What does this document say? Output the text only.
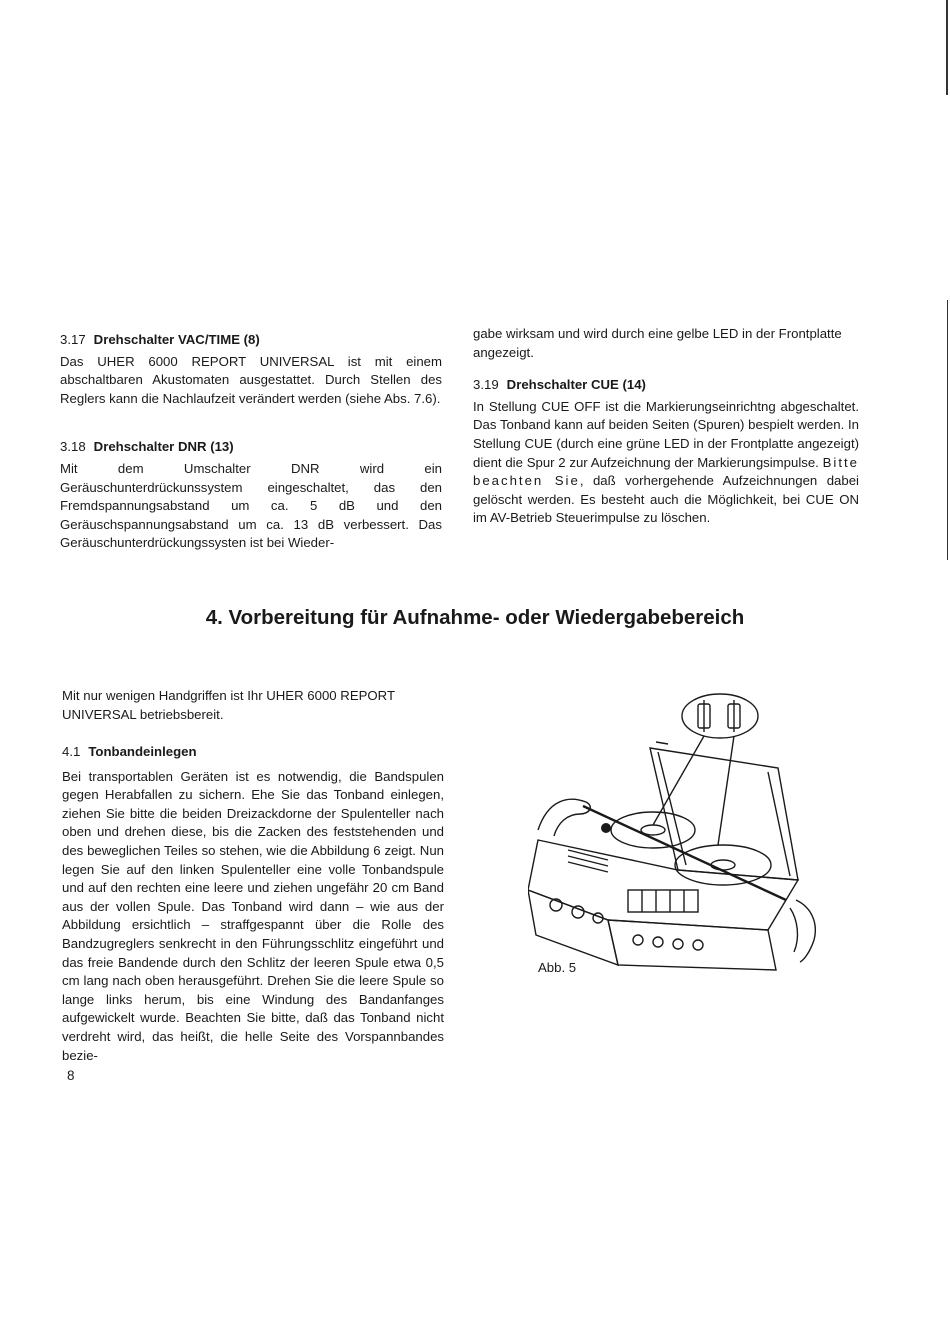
3.17 Drehschalter VAC/TIME (8)

Das UHER 6000 REPORT UNIVERSAL ist mit einem abschaltbaren Akustomaten ausgestattet. Durch Stellen des Reglers kann die Nachlaufzeit verändert werden (siehe Abs. 7.6).

3.18 Drehschalter DNR (13)

Mit dem Umschalter DNR wird ein Geräuschunterdrückunssystem eingeschaltet, das den Fremdspannungsabstand um ca. 5 dB und den Geräuschspannungsabstand um ca. 13 dB verbessert. Das Geräuschunterdrückungssysten ist bei Wieder-

gabe wirksam und wird durch eine gelbe LED in der Frontplatte angezeigt.

3.19 Drehschalter CUE (14)

In Stellung CUE OFF ist die Markierungseinrichtng abgeschaltet. Das Tonband kann auf beiden Seiten (Spuren) bespielt werden. In Stellung CUE (durch eine grüne LED in der Frontplatte angezeigt) dient die Spur 2 zur Aufzeichnung der Markierungsimpulse. Bitte beachten Sie, daß vorhergehende Aufzeichnungen dabei gelöscht werden. Es besteht auch die Möglichkeit, bei CUE ON im AV-Betrieb Steuerimpulse zu löschen.

4. Vorbereitung für Aufnahme- oder Wiedergabebereich

Mit nur wenigen Handgriffen ist Ihr UHER 6000 REPORT UNIVERSAL betriebsbereit.

4.1 Tonbandeinlegen

Bei transportablen Geräten ist es notwendig, die Bandspulen gegen Herabfallen zu sichern. Ehe Sie das Tonband einlegen, ziehen Sie bitte die beiden Dreizackdorne der Spulenteller nach oben und drehen diese, bis die Zacken des feststehenden und des beweglichen Teiles so stehen, wie die Abbildung 6 zeigt. Nun legen Sie auf den linken Spulenteller eine volle Tonbandspule und auf den rechten eine leere und ziehen ungefähr 20 cm Band aus der vollen Spule. Das Tonband wird dann – wie aus der Abbildung ersichtlich – straffgespannt über die Rolle des Bandzugreglers senkrecht in den Führungsschlitz eingeführt und das freie Bandende durch den Schlitz der leeren Spule etwa 0,5 cm lang nach oben herausgeführt. Drehen Sie die leere Spule so lange links herum, bis eine Windung des Bandanfanges aufgewickelt wurde. Beachten Sie bitte, daß das Tonband nicht verdreht wird, das heißt, die helle Seite des Vorspannbandes bezie-

Abb. 5
8
